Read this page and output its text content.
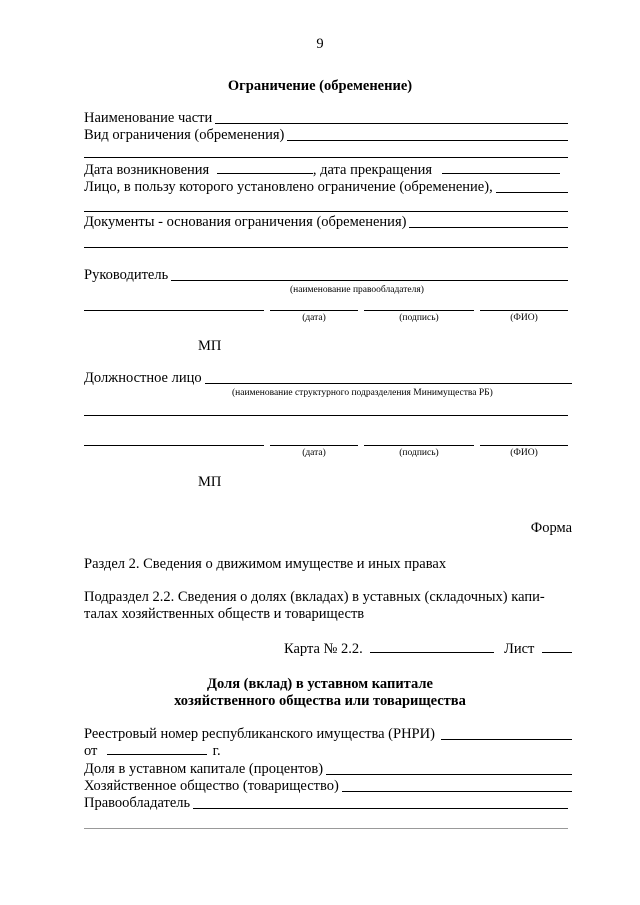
9
Ограничение (обременение)
Наименование части
Вид ограничения (обременения)
Дата возникновения	, дата прекращения
Лицо, в пользу которого установлено ограничение (обременение),
Документы - основания ограничения (обременения)
Руководитель
(наименование правообладателя)
(дата)	(подпись)	(ФИО)
МП
Должностное лицо
(наименование структурного подразделения Минимущества РБ)
(дата)	(подпись)	(ФИО)
МП
Форма
Раздел 2. Сведения о движимом имуществе и иных правах
Подраздел 2.2. Сведения о долях (вкладах) в уставных (складочных) капи-
талах хозяйственных обществ и товариществ
Карта № 2.2.	Лист
Доля (вклад) в уставном капитале
хозяйственного общества или товарищества
Реестровый номер республиканского имущества (РНРИ)
от	г.
Доля в уставном капитале (процентов)
Хозяйственное общество (товарищество)
Правообладатель
